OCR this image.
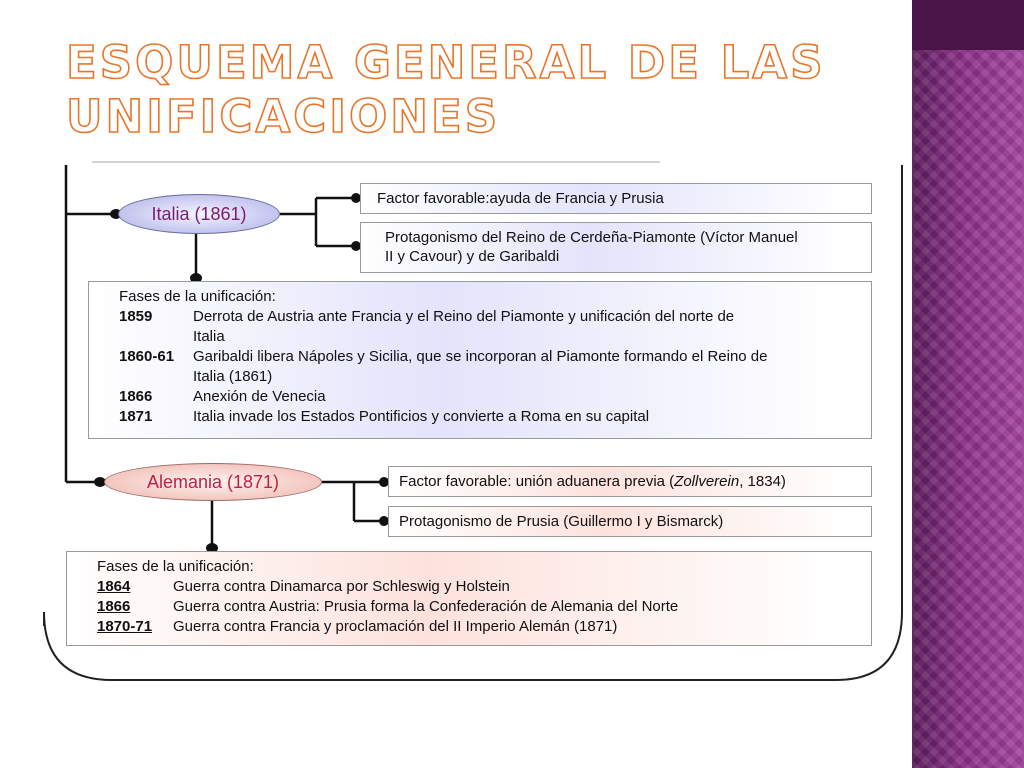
ESQUEMA GENERAL DE LAS UNIFICACIONES
Italia (1861)
Alemania (1871)
Factor favorable:ayuda de Francia y Prusia
Protagonismo del Reino de Cerdeña-Piamonte (Víctor Manuel
II y Cavour) y de Garibaldi
Fases de la unificación:
1859	Derrota de Austria ante Francia y el Reino del Piamonte y unificación del norte de
Italia
1860-61	Garibaldi libera Nápoles y Sicilia, que se incorporan al Piamonte formando el Reino de
Italia (1861)
1866	Anexión de Venecia
1871	Italia invade los Estados Pontificios y convierte a Roma en su capital
Factor favorable: unión aduanera previa (Zollverein, 1834)
Protagonismo de Prusia (Guillermo I y Bismarck)
Fases de la unificación:
1864	Guerra contra Dinamarca por Schleswig y Holstein
1866	Guerra contra Austria: Prusia forma la Confederación de Alemania del Norte
1870-71	Guerra contra Francia y proclamación del II Imperio Alemán (1871)
